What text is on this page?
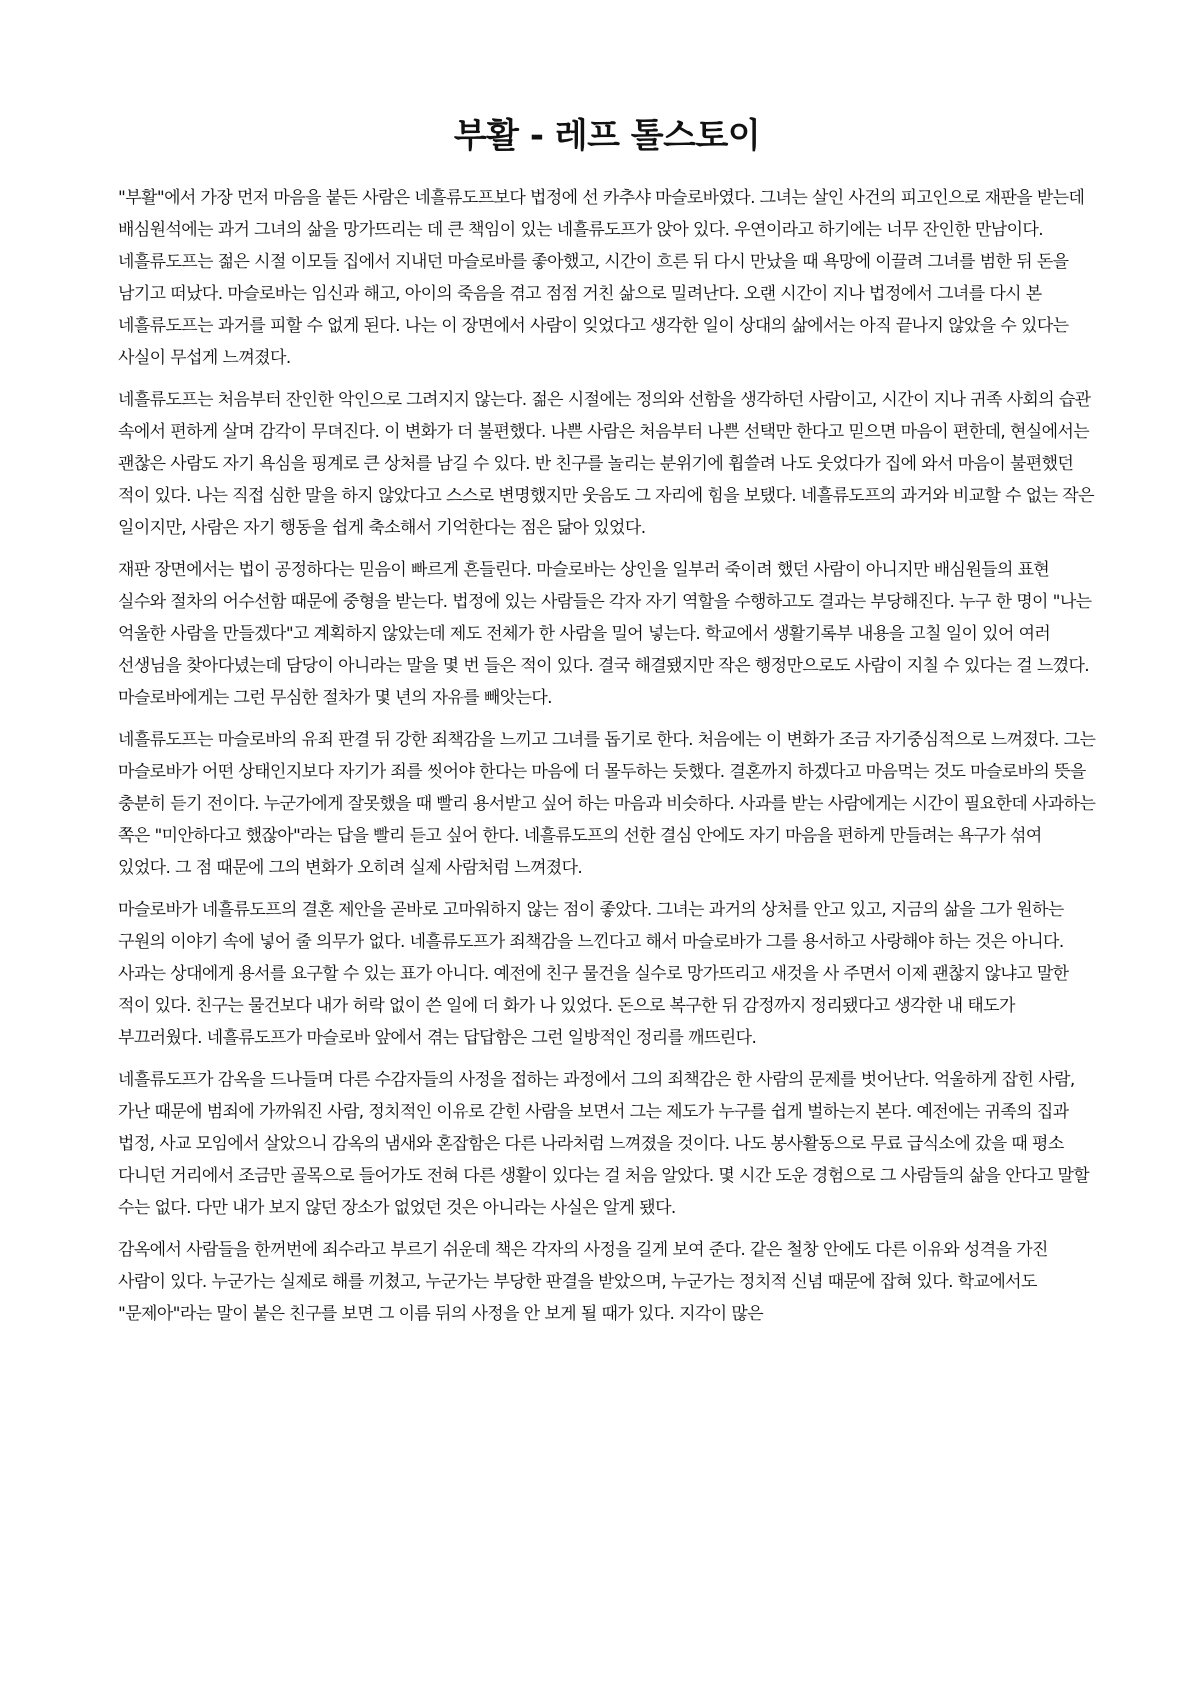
부활 - 레프 톨스토이

"부활"에서 가장 먼저 마음을 붙든 사람은 네흘류도프보다 법정에 선 카추샤 마슬로바였다. 그녀는 살인 사건의 피고인으로 재판을 받는데 배심원석에는 과거 그녀의 삶을 망가뜨리는 데 큰 책임이 있는 네흘류도프가 앉아 있다. 우연이라고 하기에는 너무 잔인한 만남이다. 네흘류도프는 젊은 시절 이모들 집에서 지내던 마슬로바를 좋아했고, 시간이 흐른 뒤 다시 만났을 때 욕망에 이끌려 그녀를 범한 뒤 돈을 남기고 떠났다. 마슬로바는 임신과 해고, 아이의 죽음을 겪고 점점 거친 삶으로 밀려난다. 오랜 시간이 지나 법정에서 그녀를 다시 본 네흘류도프는 과거를 피할 수 없게 된다. 나는 이 장면에서 사람이 잊었다고 생각한 일이 상대의 삶에서는 아직 끝나지 않았을 수 있다는 사실이 무섭게 느껴졌다.

네흘류도프는 처음부터 잔인한 악인으로 그려지지 않는다. 젊은 시절에는 정의와 선함을 생각하던 사람이고, 시간이 지나 귀족 사회의 습관 속에서 편하게 살며 감각이 무뎌진다. 이 변화가 더 불편했다. 나쁜 사람은 처음부터 나쁜 선택만 한다고 믿으면 마음이 편한데, 현실에서는 괜찮은 사람도 자기 욕심을 핑계로 큰 상처를 남길 수 있다. 반 친구를 놀리는 분위기에 휩쓸려 나도 웃었다가 집에 와서 마음이 불편했던 적이 있다. 나는 직접 심한 말을 하지 않았다고 스스로 변명했지만 웃음도 그 자리에 힘을 보탰다. 네흘류도프의 과거와 비교할 수 없는 작은 일이지만, 사람은 자기 행동을 쉽게 축소해서 기억한다는 점은 닮아 있었다.

재판 장면에서는 법이 공정하다는 믿음이 빠르게 흔들린다. 마슬로바는 상인을 일부러 죽이려 했던 사람이 아니지만 배심원들의 표현 실수와 절차의 어수선함 때문에 중형을 받는다. 법정에 있는 사람들은 각자 자기 역할을 수행하고도 결과는 부당해진다. 누구 한 명이 "나는 억울한 사람을 만들겠다"고 계획하지 않았는데 제도 전체가 한 사람을 밀어 넣는다. 학교에서 생활기록부 내용을 고칠 일이 있어 여러 선생님을 찾아다녔는데 담당이 아니라는 말을 몇 번 들은 적이 있다. 결국 해결됐지만 작은 행정만으로도 사람이 지칠 수 있다는 걸 느꼈다. 마슬로바에게는 그런 무심한 절차가 몇 년의 자유를 빼앗는다.

네흘류도프는 마슬로바의 유죄 판결 뒤 강한 죄책감을 느끼고 그녀를 돕기로 한다. 처음에는 이 변화가 조금 자기중심적으로 느껴졌다. 그는 마슬로바가 어떤 상태인지보다 자기가 죄를 씻어야 한다는 마음에 더 몰두하는 듯했다. 결혼까지 하겠다고 마음먹는 것도 마슬로바의 뜻을 충분히 듣기 전이다. 누군가에게 잘못했을 때 빨리 용서받고 싶어 하는 마음과 비슷하다. 사과를 받는 사람에게는 시간이 필요한데 사과하는 쪽은 "미안하다고 했잖아"라는 답을 빨리 듣고 싶어 한다. 네흘류도프의 선한 결심 안에도 자기 마음을 편하게 만들려는 욕구가 섞여 있었다. 그 점 때문에 그의 변화가 오히려 실제 사람처럼 느껴졌다.

마슬로바가 네흘류도프의 결혼 제안을 곧바로 고마워하지 않는 점이 좋았다. 그녀는 과거의 상처를 안고 있고, 지금의 삶을 그가 원하는 구원의 이야기 속에 넣어 줄 의무가 없다. 네흘류도프가 죄책감을 느낀다고 해서 마슬로바가 그를 용서하고 사랑해야 하는 것은 아니다. 사과는 상대에게 용서를 요구할 수 있는 표가 아니다. 예전에 친구 물건을 실수로 망가뜨리고 새것을 사 주면서 이제 괜찮지 않냐고 말한 적이 있다. 친구는 물건보다 내가 허락 없이 쓴 일에 더 화가 나 있었다. 돈으로 복구한 뒤 감정까지 정리됐다고 생각한 내 태도가 부끄러웠다. 네흘류도프가 마슬로바 앞에서 겪는 답답함은 그런 일방적인 정리를 깨뜨린다.

네흘류도프가 감옥을 드나들며 다른 수감자들의 사정을 접하는 과정에서 그의 죄책감은 한 사람의 문제를 벗어난다. 억울하게 잡힌 사람, 가난 때문에 범죄에 가까워진 사람, 정치적인 이유로 갇힌 사람을 보면서 그는 제도가 누구를 쉽게 벌하는지 본다. 예전에는 귀족의 집과 법정, 사교 모임에서 살았으니 감옥의 냄새와 혼잡함은 다른 나라처럼 느껴졌을 것이다. 나도 봉사활동으로 무료 급식소에 갔을 때 평소 다니던 거리에서 조금만 골목으로 들어가도 전혀 다른 생활이 있다는 걸 처음 알았다. 몇 시간 도운 경험으로 그 사람들의 삶을 안다고 말할 수는 없다. 다만 내가 보지 않던 장소가 없었던 것은 아니라는 사실은 알게 됐다.

감옥에서 사람들을 한꺼번에 죄수라고 부르기 쉬운데 책은 각자의 사정을 길게 보여 준다. 같은 철창 안에도 다른 이유와 성격을 가진 사람이 있다. 누군가는 실제로 해를 끼쳤고, 누군가는 부당한 판결을 받았으며, 누군가는 정치적 신념 때문에 잡혀 있다. 학교에서도 "문제아"라는 말이 붙은 친구를 보면 그 이름 뒤의 사정을 안 보게 될 때가 있다. 지각이 많은
